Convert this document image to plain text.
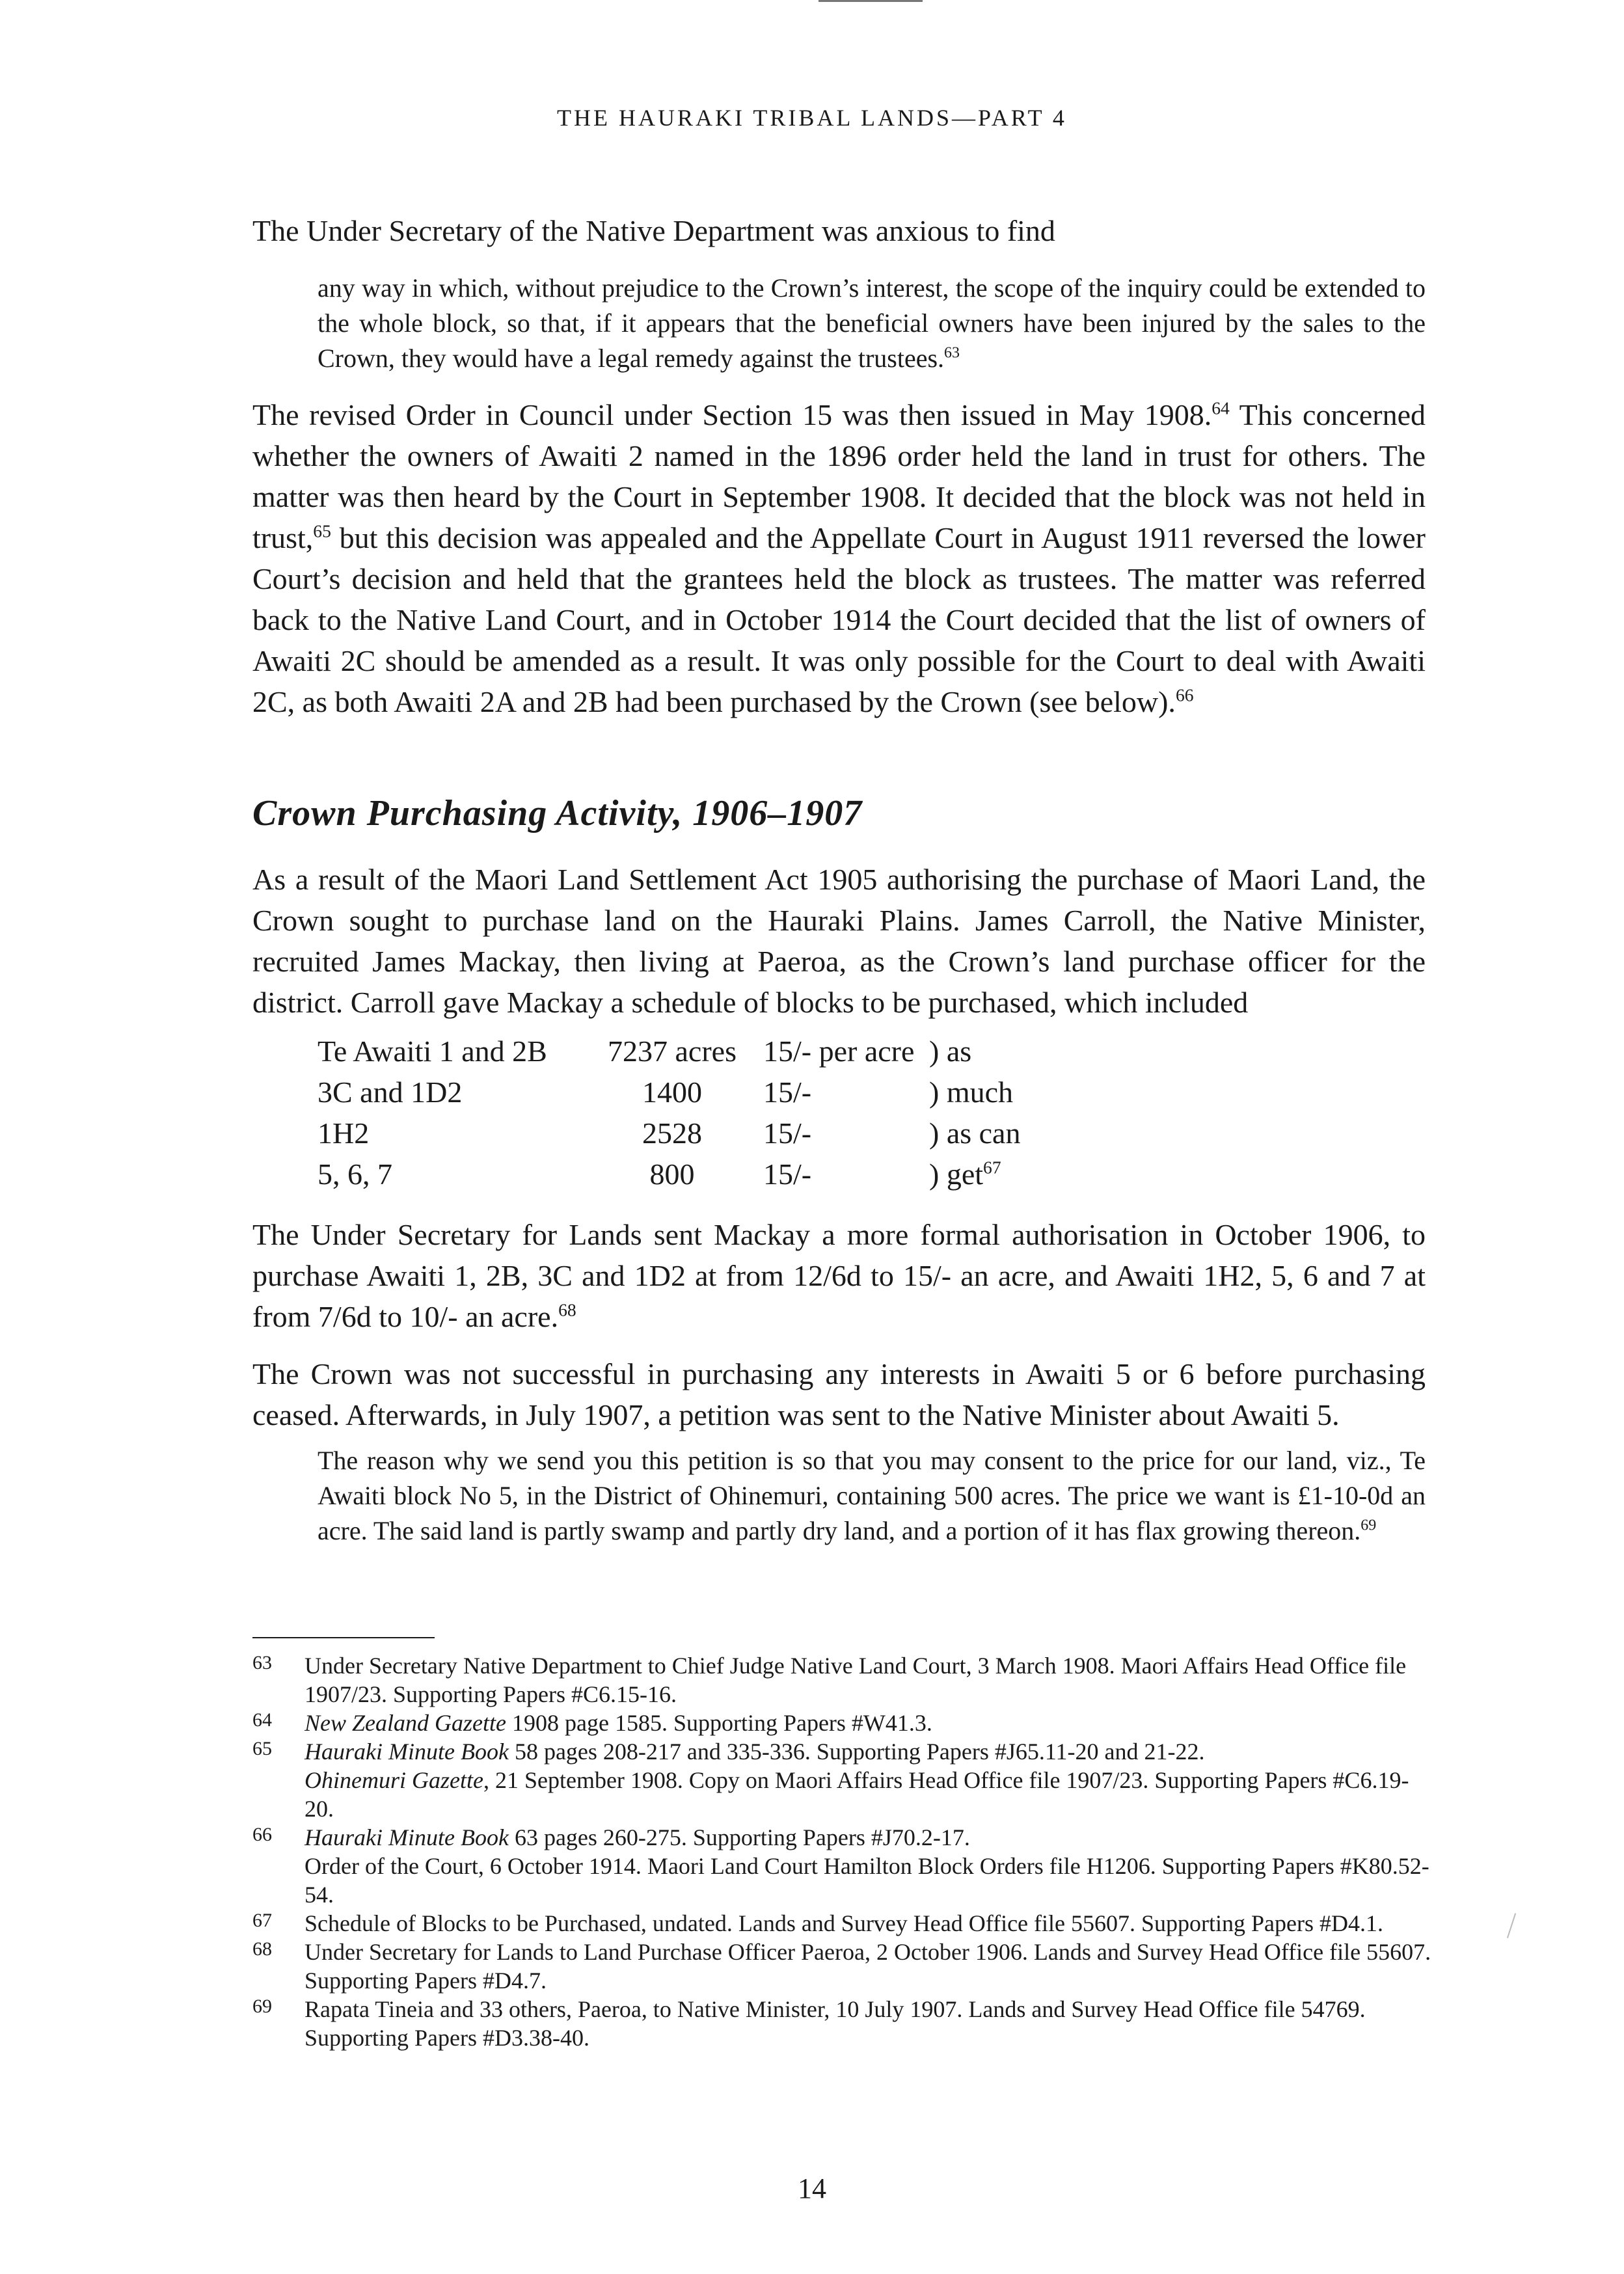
THE HAURAKI TRIBAL LANDS—PART 4
The Under Secretary of the Native Department was anxious to find
any way in which, without prejudice to the Crown’s interest, the scope of the inquiry could be extended to the whole block, so that, if it appears that the beneficial owners have been injured by the sales to the Crown, they would have a legal remedy against the trustees.$^{63}$
The revised Order in Council under Section 15 was then issued in May 1908.64 This concerned whether the owners of Awaiti 2 named in the 1896 order held the land in trust for others. The matter was then heard by the Court in September 1908. It decided that the block was not held in trust,$^{65}$ but this decision was appealed and the Appellate Court in August 1911 reversed the lower Court’s decision and held that the grantees held the block as trustees. The matter was referred back to the Native Land Court, and in October 1914 the Court decided that the list of owners of Awaiti 2C should be amended as a result. It was only possible for the Court to deal with Awaiti 2C, as both Awaiti 2A and 2B had been purchased by the Crown (see below).$^{66}$
Crown Purchasing Activity, 1906–1907
As a result of the Maori Land Settlement Act 1905 authorising the purchase of Maori Land, the Crown sought to purchase land on the Hauraki Plains. James Carroll, the Native Minister, recruited James Mackay, then living at Paeroa, as the Crown’s land purchase officer for the district. Carroll gave Mackay a schedule of blocks to be purchased, which included
Te Awaiti 1 and 2B	7237 acres	15/- per acre	) as
3C and 1D2	1400	15/-	) much
1H2	2528	15/-	) as can
5, 6, 7	800	15/-	) get$^{67}$
The Under Secretary for Lands sent Mackay a more formal authorisation in October 1906, to purchase Awaiti 1, 2B, 3C and 1D2 at from 12/6d to 15/- an acre, and Awaiti 1H2, 5, 6 and 7 at from 7/6d to 10/- an acre.$^{68}$
The Crown was not successful in purchasing any interests in Awaiti 5 or 6 before purchasing ceased. Afterwards, in July 1907, a petition was sent to the Native Minister about Awaiti 5.
The reason why we send you this petition is so that you may consent to the price for our land, viz., Te Awaiti block No 5, in the District of Ohinemuri, containing 500 acres. The price we want is £1-10-0d an acre. The said land is partly swamp and partly dry land, and a portion of it has flax growing thereon.$^{69}$
63	Under Secretary Native Department to Chief Judge Native Land Court, 3 March 1908. Maori Affairs Head Office file 1907/23. Supporting Papers #C6.15-16.
64	New Zealand Gazette 1908 page 1585. Supporting Papers #W41.3.
65	Hauraki Minute Book 58 pages 208-217 and 335-336. Supporting Papers #J65.11-20 and 21-22.
Ohinemuri Gazette, 21 September 1908. Copy on Maori Affairs Head Office file 1907/23. Supporting Papers #C6.19-20.
66	Hauraki Minute Book 63 pages 260-275. Supporting Papers #J70.2-17.
Order of the Court, 6 October 1914. Maori Land Court Hamilton Block Orders file H1206. Supporting Papers #K80.52-54.
67	Schedule of Blocks to be Purchased, undated. Lands and Survey Head Office file 55607. Supporting Papers #D4.1.
68	Under Secretary for Lands to Land Purchase Officer Paeroa, 2 October 1906. Lands and Survey Head Office file 55607. Supporting Papers #D4.7.
69	Rapata Tineia and 33 others, Paeroa, to Native Minister, 10 July 1907. Lands and Survey Head Office file 54769. Supporting Papers #D3.38-40.
14
